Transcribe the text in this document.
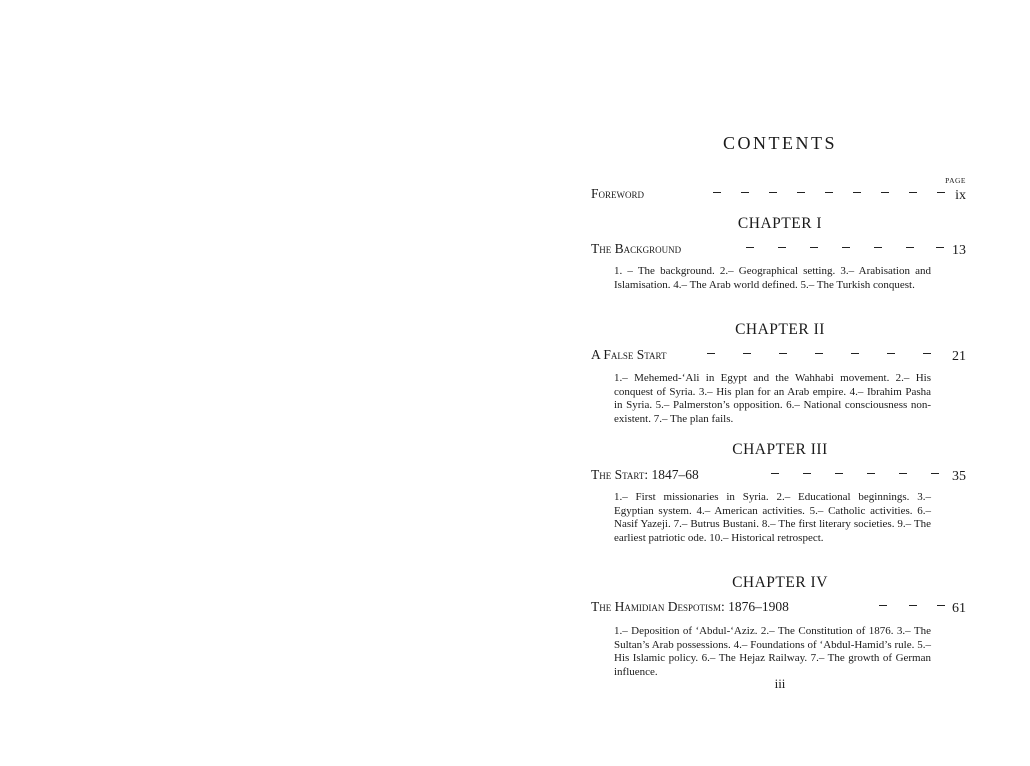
CONTENTS
PAGE
Foreword	ix
CHAPTER I
The Background	13
1. – The background. 2.– Geographical setting. 3.– Arabisation and Islamisation. 4.– The Arab world defined. 5.– The Turkish conquest.
CHAPTER II
A False Start	21
1.– Mehemed-‘Ali in Egypt and the Wahhabi movement. 2.– His conquest of Syria. 3.– His plan for an Arab empire. 4.– Ibrahim Pasha in Syria. 5.– Palmerston’s opposition. 6.– National consciousness non-existent. 7.– The plan fails.
CHAPTER III
The Start: 1847–68	35
1.– First missionaries in Syria. 2.– Educational beginnings. 3.– Egyptian system. 4.– American activities. 5.– Catholic activities. 6.– Nasif Yazeji. 7.– Butrus Bustani. 8.– The first literary societies. 9.– The earliest patriotic ode. 10.– Historical retrospect.
CHAPTER IV
The Hamidian Despotism: 1876–1908	61
1.– Deposition of ‘Abdul-‘Aziz. 2.– The Constitution of 1876. 3.– The Sultan’s Arab possessions. 4.– Foundations of ‘Abdul-Hamid’s rule. 5.– His Islamic policy. 6.– The Hejaz Railway. 7.– The growth of German influence.
iii
